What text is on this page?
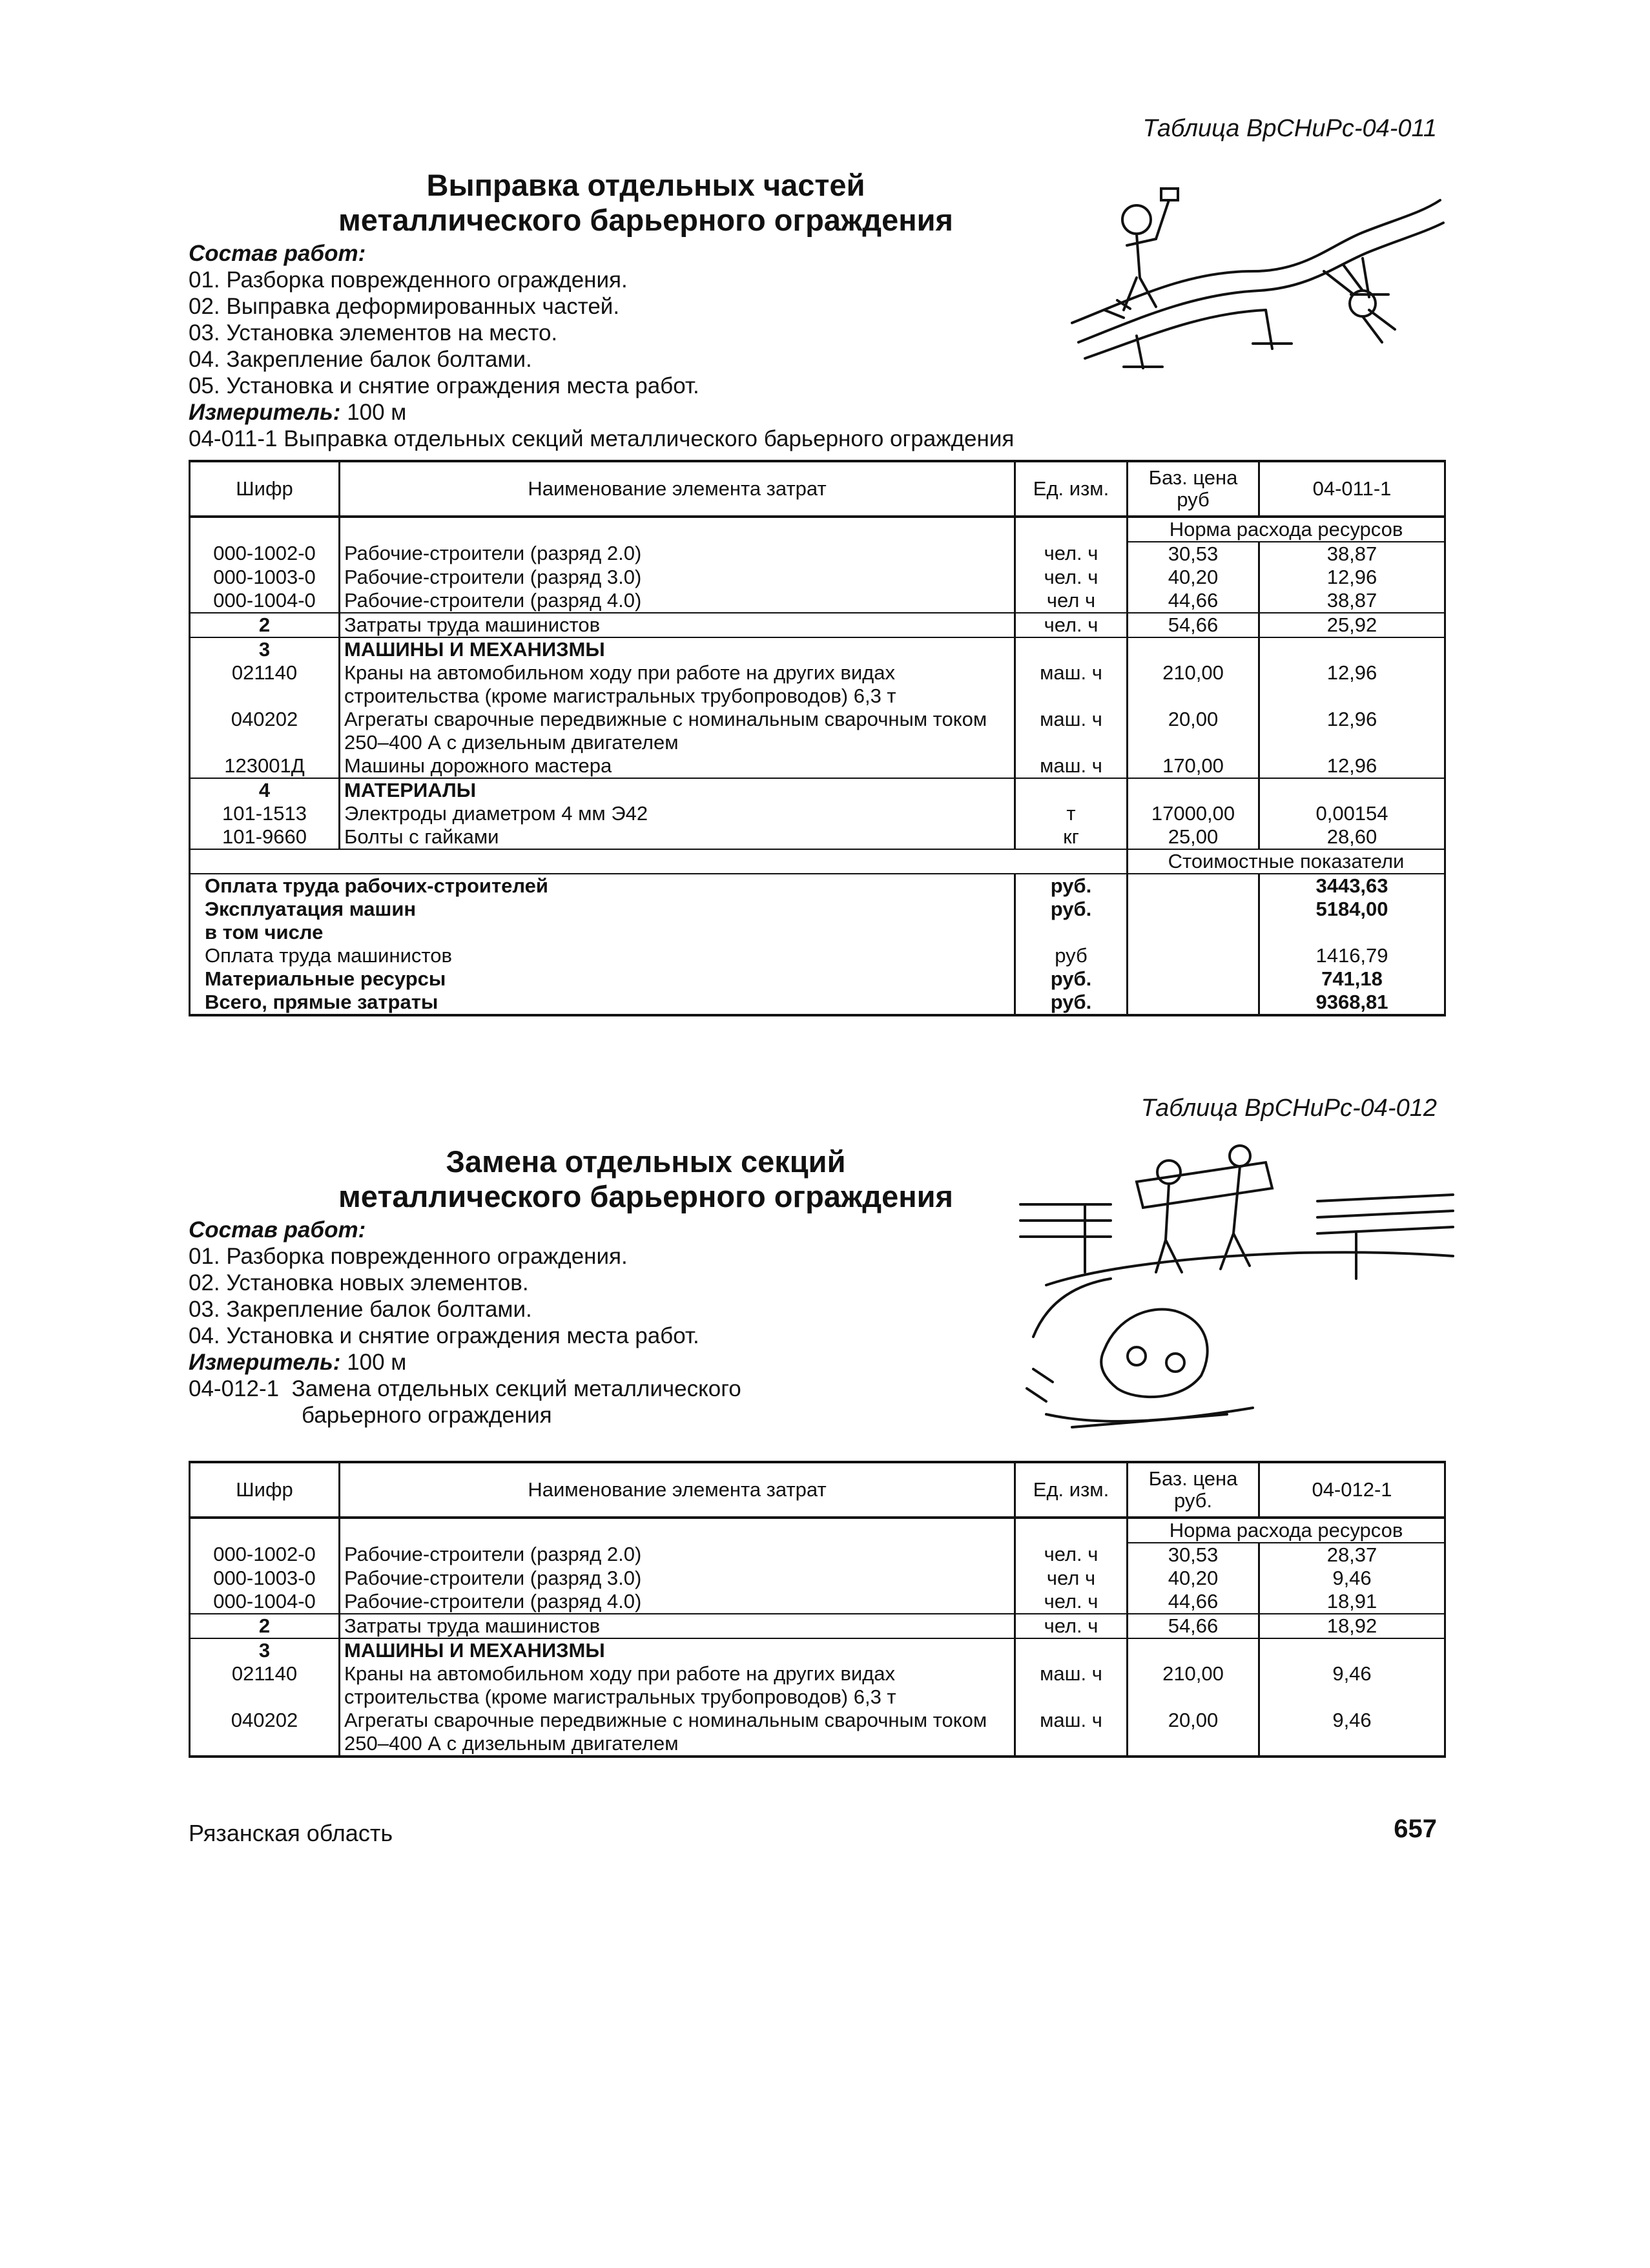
Таблица ВрСНиРс-04-011
Выправка отдельных частей
металлического барьерного ограждения
Состав работ:
01. Разборка поврежденного ограждения.
02. Выправка деформированных частей.
03. Установка элементов на место.
04. Закрепление балок болтами.
05. Установка и снятие ограждения места работ.
Измеритель: 100 м
04-011-1 Выправка отдельных секций металлического барьерного ограждения
Шифр	Наименование элемента затрат	Ед. изм.	Баз. цена руб	04-011-1
			Норма расхода ресурсов	
000-1002-0	Рабочие-строители (разряд 2.0)	чел. ч	30,53	38,87
000-1003-0	Рабочие-строители (разряд 3.0)	чел. ч	40,20	12,96
000-1004-0	Рабочие-строители (разряд 4.0)	чел ч	44,66	38,87
2	Затраты труда машинистов	чел. ч	54,66	25,92
3	МАШИНЫ И МЕХАНИЗМЫ			
021140	Краны на автомобильном ходу при работе на других видах строительства (кроме магистральных трубопроводов) 6,3 т	маш. ч	210,00	12,96
040202	Агрегаты сварочные передвижные с номинальным сварочным током 250–400 А с дизельным двигателем	маш. ч	20,00	12,96
123001Д	Машины дорожного мастера	маш. ч	170,00	12,96
4	МАТЕРИАЛЫ			
101-1513	Электроды диаметром 4 мм Э42	т	17000,00	0,00154
101-9660	Болты с гайками	кг	25,00	28,60
			Стоимостные показатели	
Оплата труда рабочих-строителей		руб.		3443,63
Эксплуатация машин		руб.		5184,00
в том числе				
Оплата труда машинистов		руб		1416,79
Материальные ресурсы		руб.		741,18
Всего, прямые затраты		руб.		9368,81
Таблица ВрСНиРс-04-012
Замена отдельных секций
металлического барьерного ограждения
Состав работ:
01. Разборка поврежденного ограждения.
02. Установка новых элементов.
03. Закрепление балок болтами.
04. Установка и снятие ограждения места работ.
Измеритель: 100 м
04-012-1 Замена отдельных секций металлического
барьерного ограждения
Шифр	Наименование элемента затрат	Ед. изм.	Баз. цена руб.	04-012-1
			Норма расхода ресурсов	
000-1002-0	Рабочие-строители (разряд 2.0)	чел. ч	30,53	28,37
000-1003-0	Рабочие-строители (разряд 3.0)	чел ч	40,20	9,46
000-1004-0	Рабочие-строители (разряд 4.0)	чел. ч	44,66	18,91
2	Затраты труда машинистов	чел. ч	54,66	18,92
3	МАШИНЫ И МЕХАНИЗМЫ			
021140	Краны на автомобильном ходу при работе на других видах строительства (кроме магистральных трубопроводов) 6,3 т	маш. ч	210,00	9,46
040202	Агрегаты сварочные передвижные с номинальным сварочным током 250–400 А с дизельным двигателем	маш. ч	20,00	9,46
Рязанская область	657
